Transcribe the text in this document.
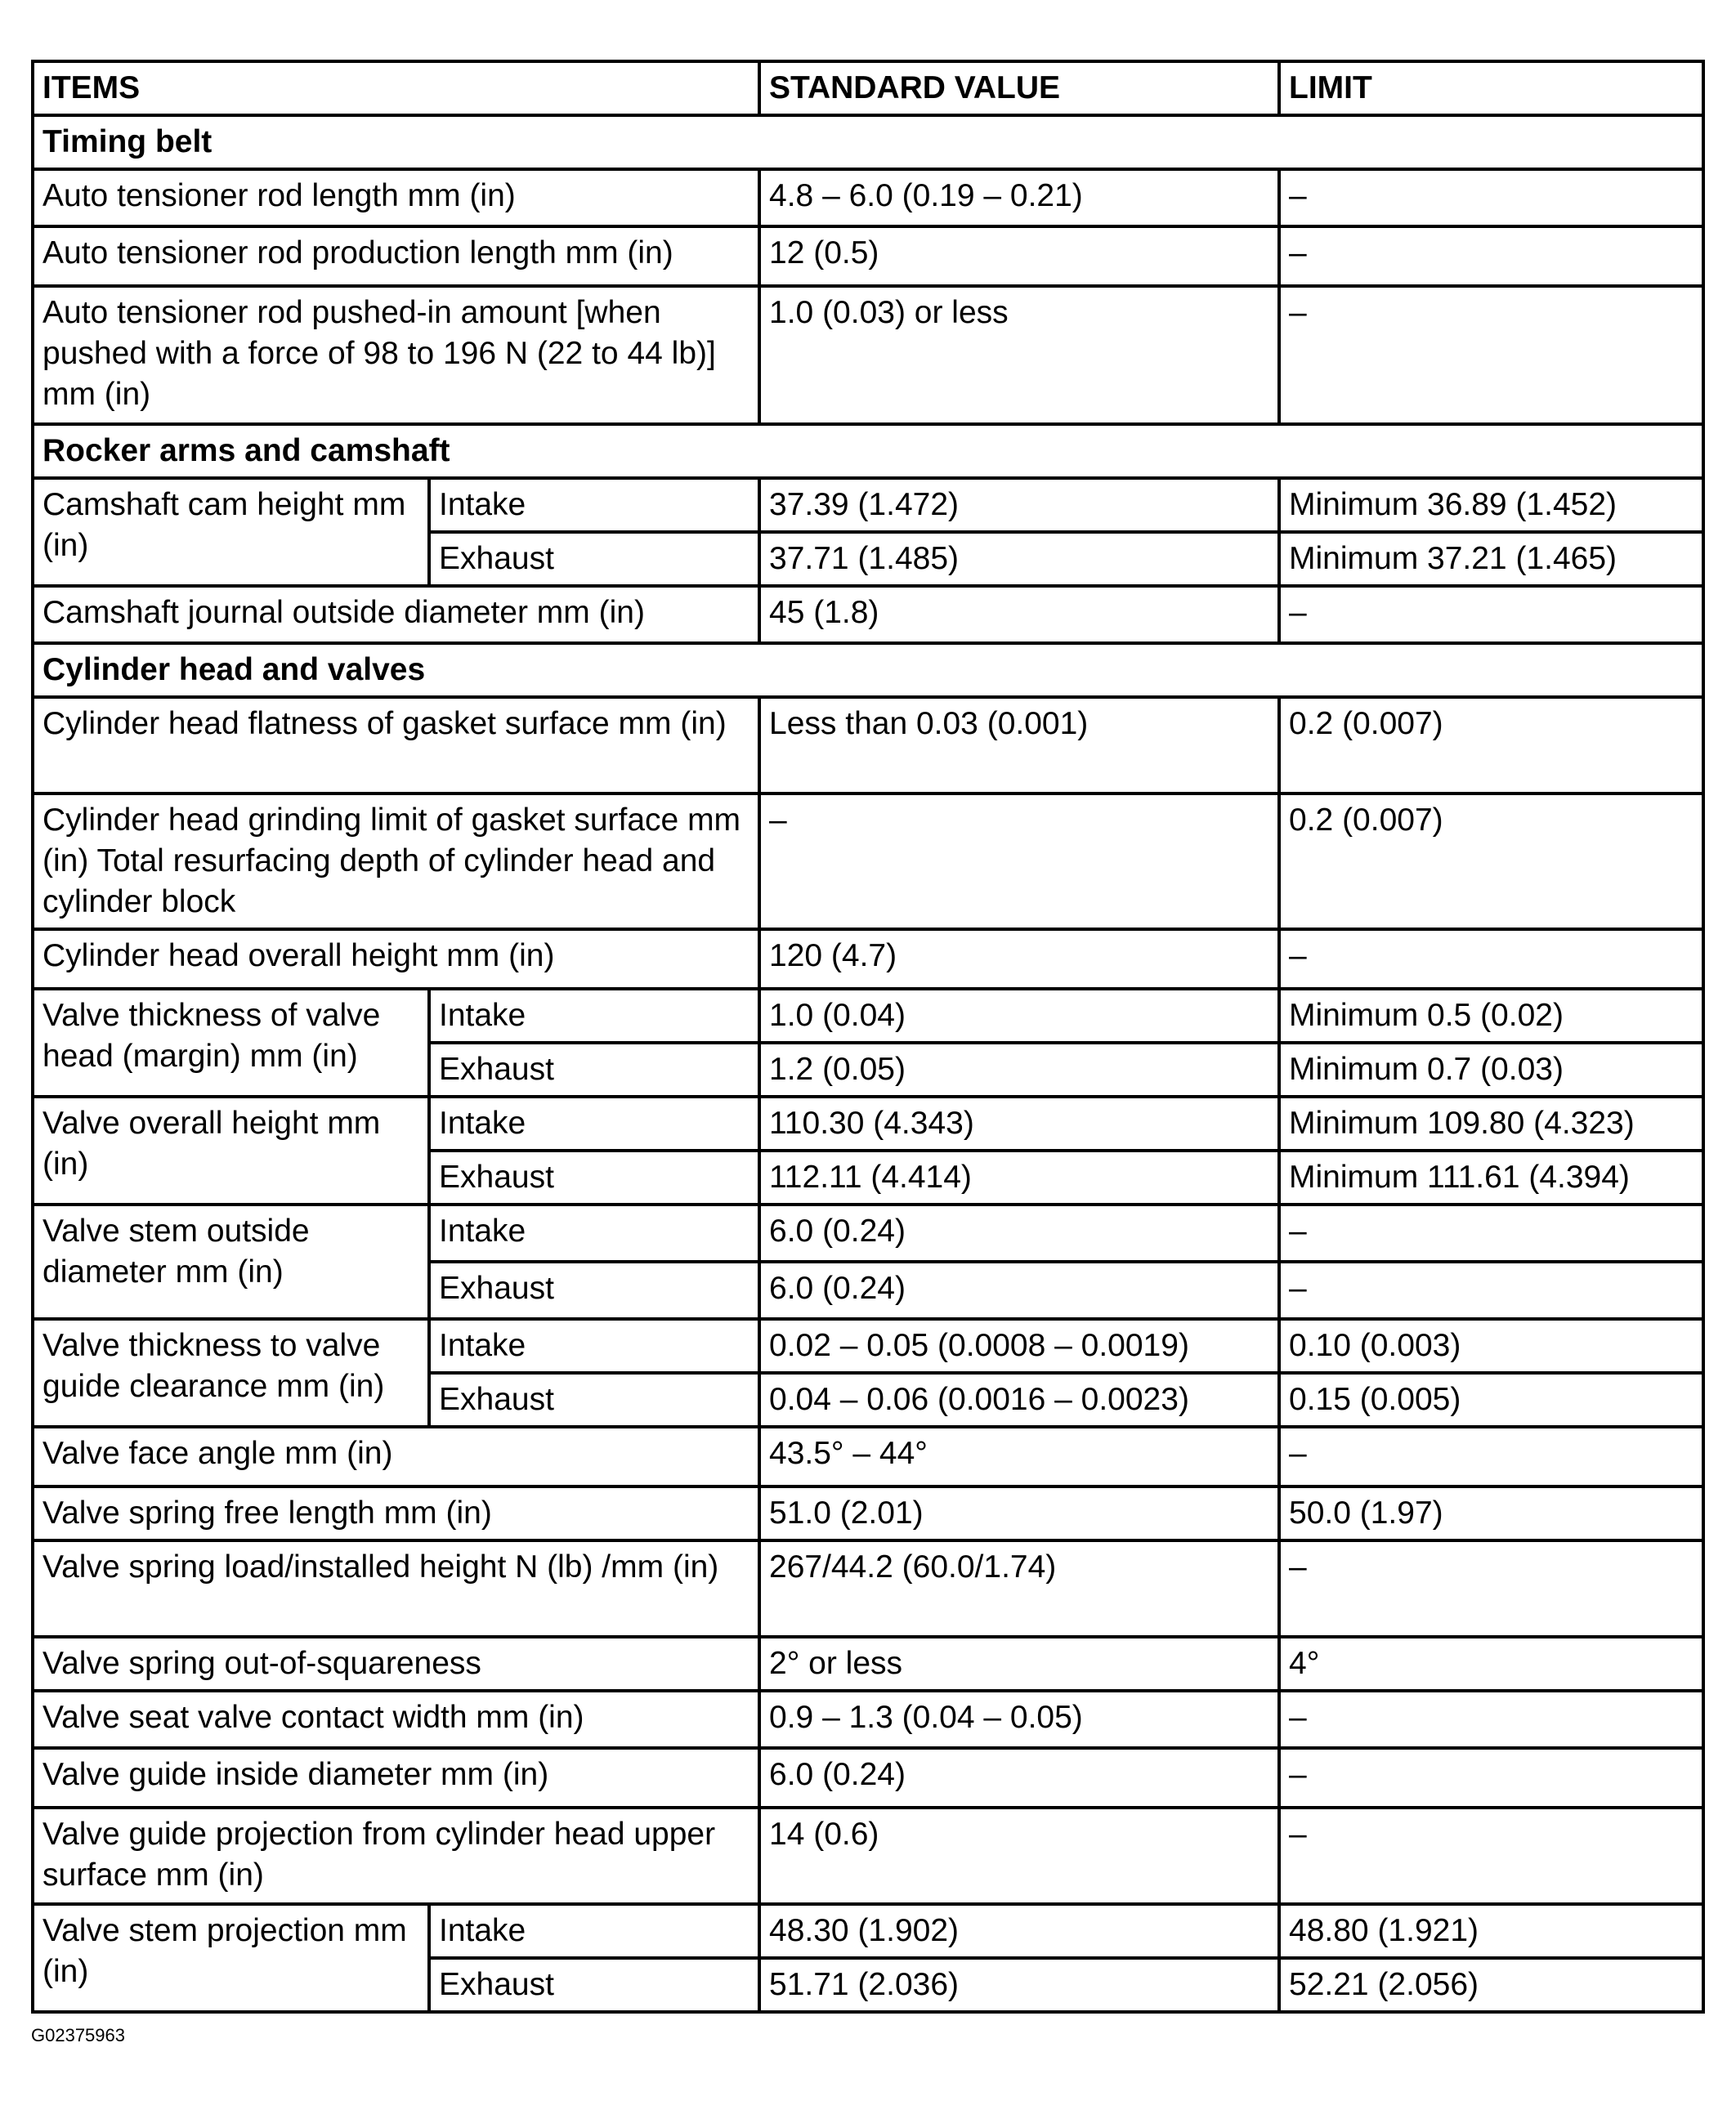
ITEMS		STANDARD VALUE	LIMIT
Timing belt			
Auto tensioner rod length mm (in)		4.8 – 6.0 (0.19 – 0.21)	–
Auto tensioner rod production length mm (in)		12 (0.5)	–
Auto tensioner rod pushed-in amount [when pushed with a force of 98 to 196 N (22 to 44 lb)] mm (in)		1.0 (0.03) or less	–
Rocker arms and camshaft			
Camshaft cam height mm (in)	Intake	37.39 (1.472)	Minimum 36.89 (1.452)
	Exhaust	37.71 (1.485)	Minimum 37.21 (1.465)
Camshaft journal outside diameter mm (in)		45 (1.8)	–
Cylinder head and valves			
Cylinder head flatness of gasket surface mm (in)		Less than 0.03 (0.001)	0.2 (0.007)
Cylinder head grinding limit of gasket surface mm (in) Total resurfacing depth of cylinder head and cylinder block		–	0.2 (0.007)
Cylinder head overall height mm (in)		120 (4.7)	–
Valve thickness of valve head (margin) mm (in)	Intake	1.0 (0.04)	Minimum 0.5 (0.02)
	Exhaust	1.2 (0.05)	Minimum 0.7 (0.03)
Valve overall height mm (in)	Intake	110.30 (4.343)	Minimum 109.80 (4.323)
	Exhaust	112.11 (4.414)	Minimum 111.61 (4.394)
Valve stem outside diameter mm (in)	Intake	6.0 (0.24)	–
	Exhaust	6.0 (0.24)	–
Valve thickness to valve guide clearance mm (in)	Intake	0.02 – 0.05 (0.0008 – 0.0019)	0.10 (0.003)
	Exhaust	0.04 – 0.06 (0.0016 – 0.0023)	0.15 (0.005)
Valve face angle mm (in)		43.5° – 44°	–
Valve spring free length mm (in)		51.0 (2.01)	50.0 (1.97)
Valve spring load/installed height N (lb) /mm (in)		267/44.2 (60.0/1.74)	–
Valve spring out-of-squareness		2° or less	4°
Valve seat valve contact width mm (in)		0.9 – 1.3 (0.04 – 0.05)	–
Valve guide inside diameter mm (in)		6.0 (0.24)	–
Valve guide projection from cylinder head upper surface mm (in)		14 (0.6)	–
Valve stem projection mm (in)	Intake	48.30 (1.902)	48.80 (1.921)
	Exhaust	51.71 (2.036)	52.21 (2.056)
G02375963
